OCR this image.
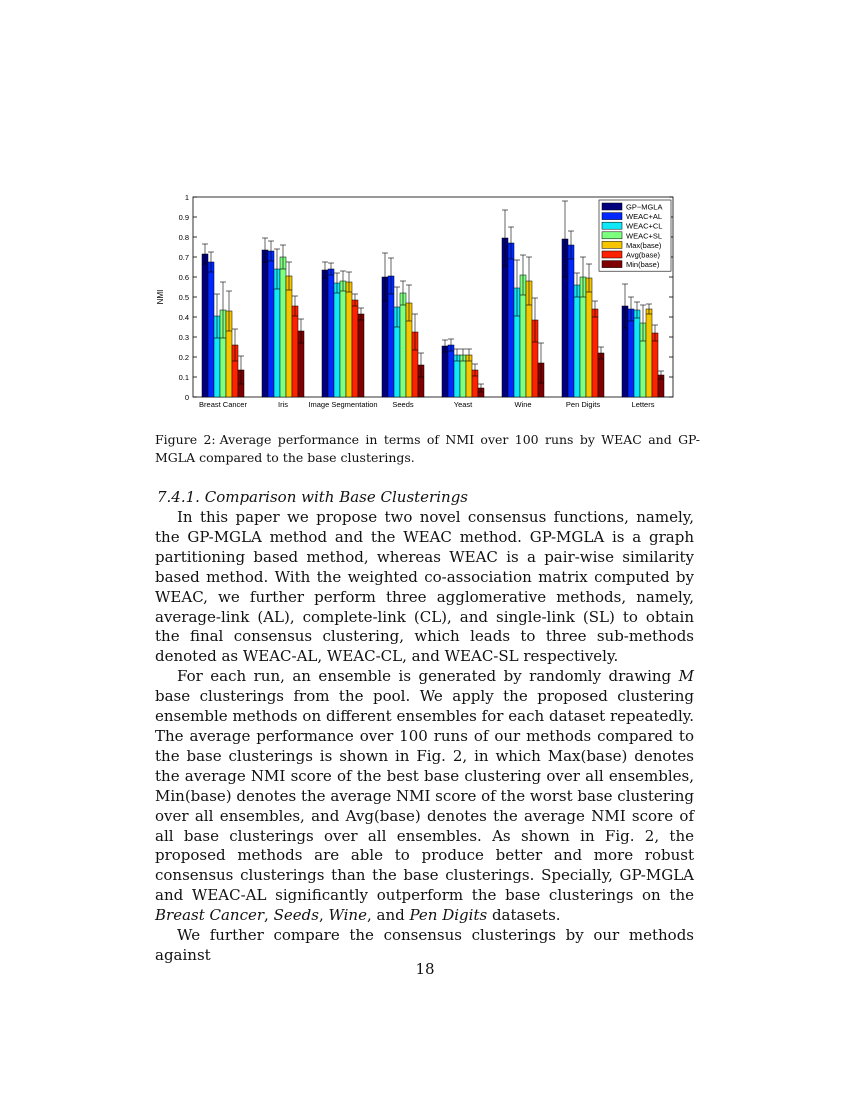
0
0.1
0.2
0.3
0.4
0.5
0.6
0.7
0.8
0.9
1
NMI
Breast Cancer	Iris	Image Segmentation Seeds	Yeast	Wine	Pen Digits	Letters
GP−MGLA
WEAC+AL
WEAC+CL
WEAC+SL
Max(base)
Avg(base)
Min(base)
Figure 2: Average performance in terms of NMI over 100 runs by WEAC and GP-MGLA compared to the base clusterings.
7.4.1. Comparison with Base Clusterings

In this paper we propose two novel consensus functions, namely, the GP-MGLA method and the WEAC method. GP-MGLA is a graph partitioning based method, whereas WEAC is a pair-wise similarity based method. With the weighted co-association matrix computed by WEAC, we further perform three agglomerative methods, namely, average-link (AL), complete-link (CL), and single-link (SL) to obtain the final consensus clustering, which leads to three sub-methods denoted as WEAC-AL, WEAC-CL, and WEAC-SL respectively.

For each run, an ensemble is generated by randomly drawing M base clusterings from the pool. We apply the proposed clustering ensemble methods on different ensembles for each dataset repeatedly. The average performance over 100 runs of our methods compared to the base clusterings is shown in Fig. 2, in which Max(base) denotes the average NMI score of the best base clustering over all ensembles, Min(base) denotes the average NMI score of the worst base clustering over all ensembles, and Avg(base) denotes the average NMI score of all base clusterings over all ensembles. As shown in Fig. 2, the proposed methods are able to produce better and more robust consensus clusterings than the base clusterings. Specially, GP-MGLA and WEAC-AL significantly outperform the base clusterings on the Breast Cancer, Seeds, Wine, and Pen Digits datasets.

We further compare the consensus clusterings by our methods against

18
